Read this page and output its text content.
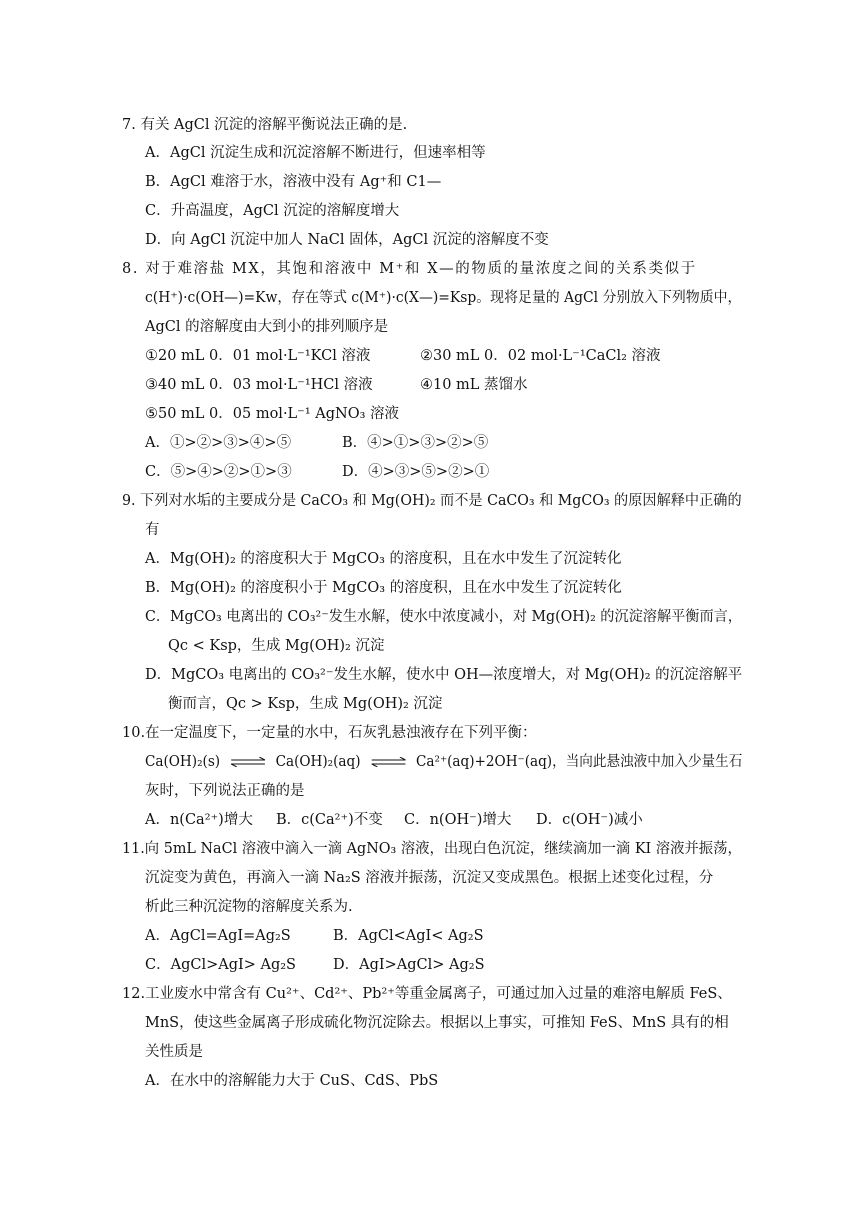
7. 有关 AgCl 沉淀的溶解平衡说法正确的是.
A．AgCl 沉淀生成和沉淀溶解不断进行，但速率相等
B．AgCl 难溶于水，溶液中没有 Ag⁺和 C1—
C．升高温度，AgCl 沉淀的溶解度增大
D．向 AgCl 沉淀中加人 NaCl 固体，AgCl 沉淀的溶解度不变
8. 对于难溶盐 MX，其饱和溶液中 M⁺和 X—的物质的量浓度之间的关系类似于
c(H⁺)·c(OH—)=Kw，存在等式 c(M⁺)·c(X—)=Ksp。现将足量的 AgCl 分别放入下列物质中，
AgCl 的溶解度由大到小的排列顺序是
①20 mL 0．01 mol·L⁻¹KCl 溶液	②30 mL 0．02 mol·L⁻¹CaCl₂ 溶液
③40 mL 0．03 mol·L⁻¹HCl 溶液	④10 mL 蒸馏水
⑤50 mL 0．05 mol·L⁻¹ AgNO₃ 溶液
A．①>②>③>④>⑤	B．④>①>③>②>⑤
C．⑤>④>②>①>③	D．④>③>⑤>②>①
9. 下列对水垢的主要成分是 CaCO₃ 和 Mg(OH)₂ 而不是 CaCO₃ 和 MgCO₃ 的原因解释中正确的
有
A．Mg(OH)₂ 的溶度积大于 MgCO₃ 的溶度积，且在水中发生了沉淀转化
B．Mg(OH)₂ 的溶度积小于 MgCO₃ 的溶度积，且在水中发生了沉淀转化
C．MgCO₃ 电离出的 CO₃²⁻发生水解，使水中浓度减小，对 Mg(OH)₂ 的沉淀溶解平衡而言，
Qc < Ksp，生成 Mg(OH)₂ 沉淀
D．MgCO₃ 电离出的 CO₃²⁻发生水解，使水中 OH—浓度增大，对 Mg(OH)₂ 的沉淀溶解平
衡而言，Qc > Ksp，生成 Mg(OH)₂ 沉淀
10.在一定温度下，一定量的水中，石灰乳悬浊液存在下列平衡：
Ca(OH)₂(s) ⇌ Ca(OH)₂(aq) ⇌ Ca²⁺(aq)+2OH⁻(aq)，当向此悬浊液中加入少量生石
灰时，下列说法正确的是
A．n(Ca²⁺)增大 B．c(Ca²⁺)不变 C．n(OH⁻)增大 D．c(OH⁻)减小
11.向 5mL NaCl 溶液中滴入一滴 AgNO₃ 溶液，出现白色沉淀，继续滴加一滴 KI 溶液并振荡，
沉淀变为黄色，再滴入一滴 Na₂S 溶液并振荡，沉淀又变成黑色。根据上述变化过程，分
析此三种沉淀物的溶解度关系为.
A．AgCl=AgI=Ag₂S	B．AgCl<AgI< Ag₂S
C．AgCl>AgI> Ag₂S	D．AgI>AgCl> Ag₂S
12.工业废水中常含有 Cu²⁺、Cd²⁺、Pb²⁺等重金属离子，可通过加入过量的难溶电解质 FeS、
MnS，使这些金属离子形成硫化物沉淀除去。根据以上事实，可推知 FeS、MnS 具有的相
关性质是
A．在水中的溶解能力大于 CuS、CdS、PbS
